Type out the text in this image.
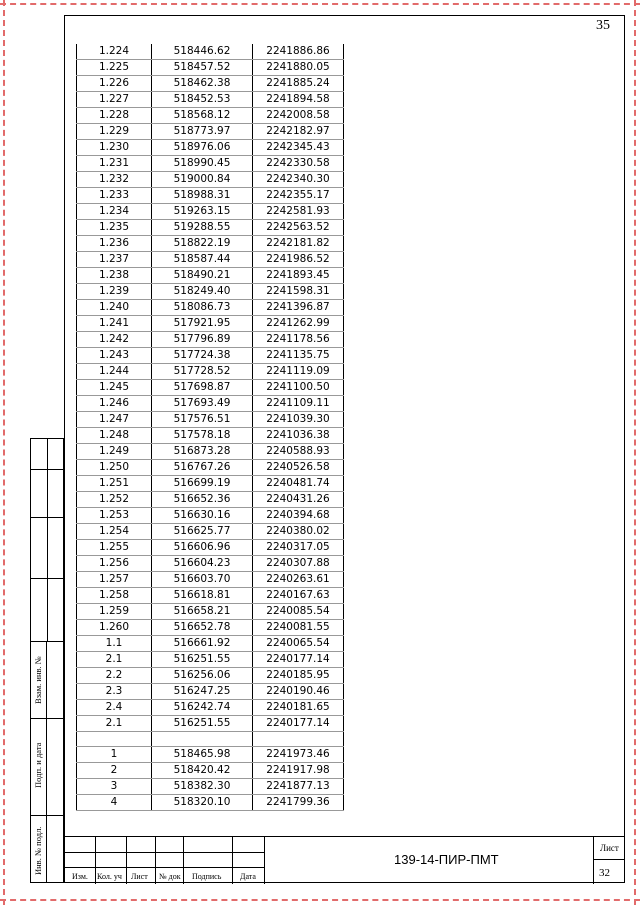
35
1.224	518446.62	2241886.86
1.225	518457.52	2241880.05
1.226	518462.38	2241885.24
1.227	518452.53	2241894.58
1.228	518568.12	2242008.58
1.229	518773.97	2242182.97
1.230	518976.06	2242345.43
1.231	518990.45	2242330.58
1.232	519000.84	2242340.30
1.233	518988.31	2242355.17
1.234	519263.15	2242581.93
1.235	519288.55	2242563.52
1.236	518822.19	2242181.82
1.237	518587.44	2241986.52
1.238	518490.21	2241893.45
1.239	518249.40	2241598.31
1.240	518086.73	2241396.87
1.241	517921.95	2241262.99
1.242	517796.89	2241178.56
1.243	517724.38	2241135.75
1.244	517728.52	2241119.09
1.245	517698.87	2241100.50
1.246	517693.49	2241109.11
1.247	517576.51	2241039.30
1.248	517578.18	2241036.38
1.249	516873.28	2240588.93
1.250	516767.26	2240526.58
1.251	516699.19	2240481.74
1.252	516652.36	2240431.26
1.253	516630.16	2240394.68
1.254	516625.77	2240380.02
1.255	516606.96	2240317.05
1.256	516604.23	2240307.88
1.257	516603.70	2240263.61
1.258	516618.81	2240167.63
1.259	516658.21	2240085.54
1.260	516652.78	2240081.55
1.1	516661.92	2240065.54
2.1	516251.55	2240177.14
2.2	516256.06	2240185.95
2.3	516247.25	2240190.46
2.4	516242.74	2240181.65
2.1	516251.55	2240177.14

1	518465.98	2241973.46
2	518420.42	2241917.98
3	518382.30	2241877.13
4	518320.10	2241799.36
Взам. инв. №
Подп. и дата
Инв. № подл.
Изм. Кол. уч Лист № док Подпись Дата
139-14-ПИР-ПМТ
Лист
32
